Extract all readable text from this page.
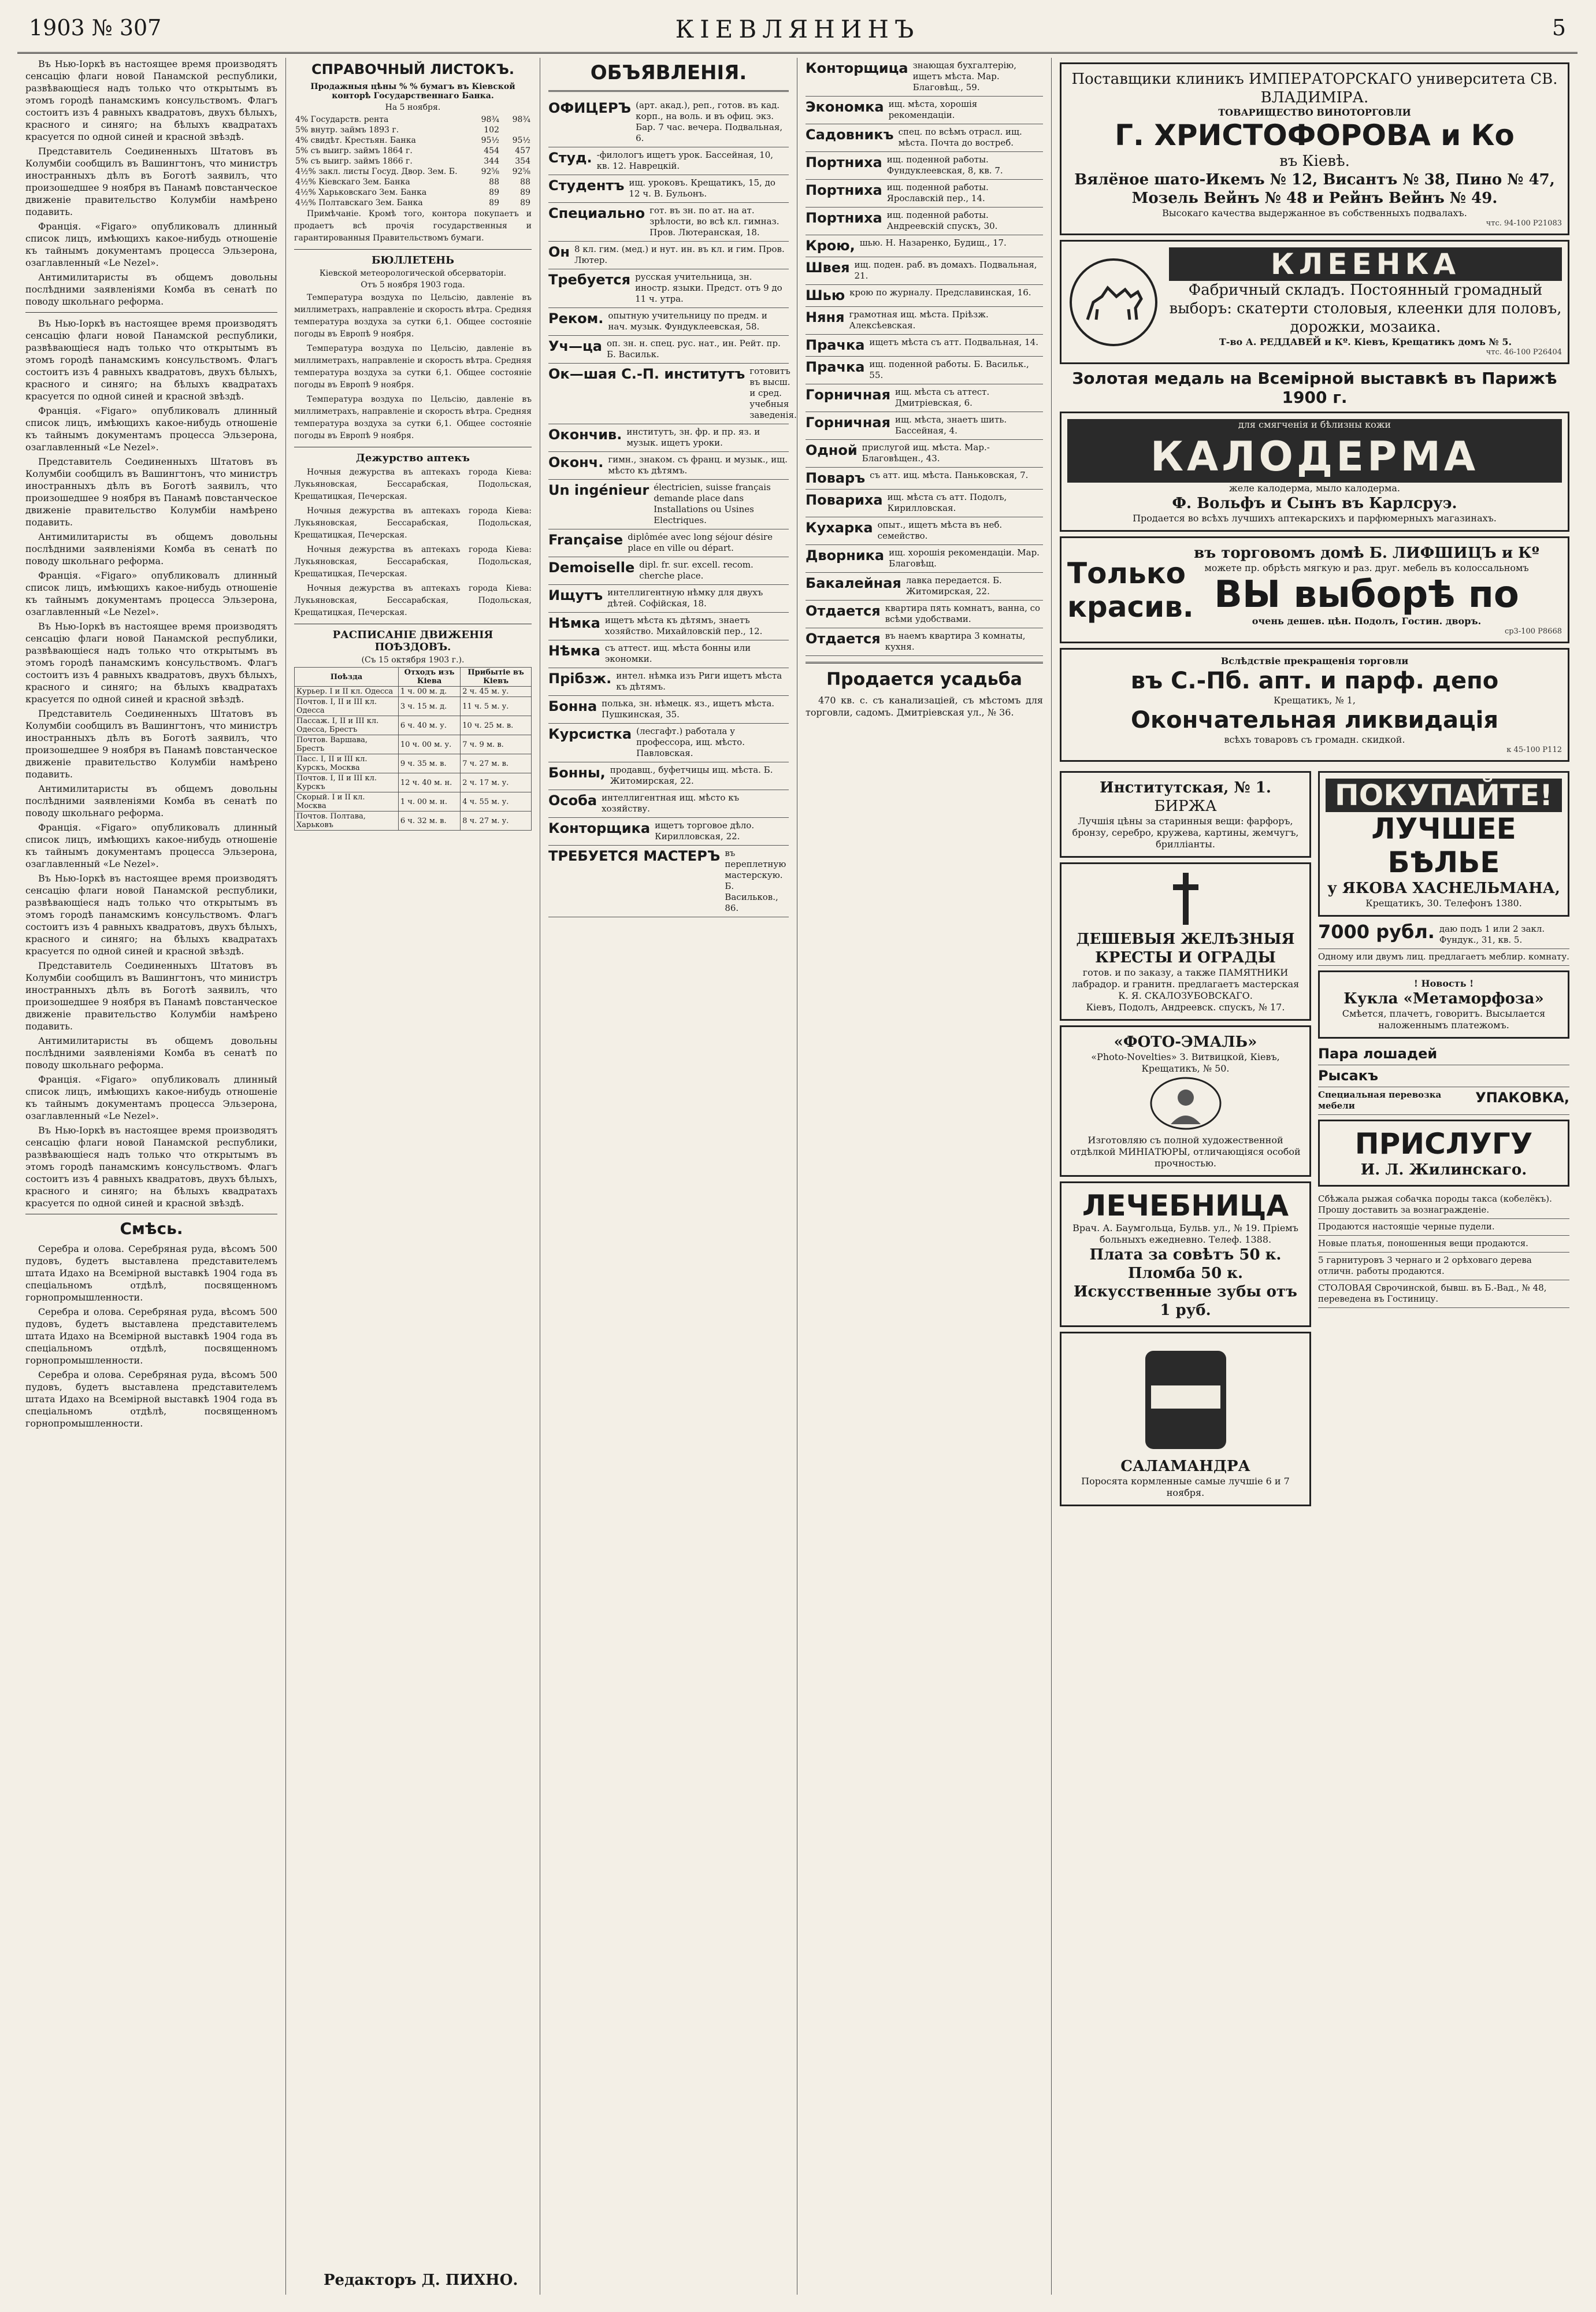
1903 № 307	КІЕВЛЯНИНЪ	5

Въ Нью-Іоркѣ въ настоящее время производятъ сенсацію флаги новой Панамской республики, развѣвающіеся надъ только что открытымъ въ этомъ городѣ панамскимъ консульствомъ. Флагъ состоитъ изъ 4 равныхъ квадратовъ, двухъ бѣлыхъ, красного и синяго; на бѣлыхъ квадратахъ красуется по одной синей и красной звѣздѣ.

Представитель Соединенныхъ Штатовъ въ Колумбіи сообщилъ въ Вашингтонъ, что министръ иностранныхъ дѣлъ въ Боготѣ заявилъ, что произошедшее 9 ноября въ Панамѣ повстанческое движеніе правительство Колумбіи намѣрено подавить.

Франція. «Figaro» опубликовалъ длинный список лицъ, имѣющихъ какое-нибудь отношеніе къ тайнымъ документамъ процесса Эльзерона, озаглавленный «Le Nezel».

Антимилитаристы въ общемъ довольны послѣдними заявленіями Комба въ сенатѣ по поводу школьнаго реформа.

Въ Нью-Іоркѣ въ настоящее время производятъ сенсацію флаги новой Панамской республики, развѣвающіеся надъ только что открытымъ въ этомъ городѣ панамскимъ консульствомъ. Флагъ состоитъ изъ 4 равныхъ квадратовъ, двухъ бѣлыхъ, красного и синяго; на бѣлыхъ квадратахъ красуется по одной синей и красной звѣздѣ.

Франція. «Figaro» опубликовалъ длинный список лицъ, имѣющихъ какое-нибудь отношеніе къ тайнымъ документамъ процесса Эльзерона, озаглавленный «Le Nezel».

Представитель Соединенныхъ Штатовъ въ Колумбіи сообщилъ въ Вашингтонъ, что министръ иностранныхъ дѣлъ въ Боготѣ заявилъ, что произошедшее 9 ноября въ Панамѣ повстанческое движеніе правительство Колумбіи намѣрено подавить.

Антимилитаристы въ общемъ довольны послѣдними заявленіями Комба въ сенатѣ по поводу школьнаго реформа.

Франція. «Figaro» опубликовалъ длинный список лицъ, имѣющихъ какое-нибудь отношеніе къ тайнымъ документамъ процесса Эльзерона, озаглавленный «Le Nezel».

Въ Нью-Іоркѣ въ настоящее время производятъ сенсацію флаги новой Панамской республики, развѣвающіеся надъ только что открытымъ въ этомъ городѣ панамскимъ консульствомъ. Флагъ состоитъ изъ 4 равныхъ квадратовъ, двухъ бѣлыхъ, красного и синяго; на бѣлыхъ квадратахъ красуется по одной синей и красной звѣздѣ.

Представитель Соединенныхъ Штатовъ въ Колумбіи сообщилъ въ Вашингтонъ, что министръ иностранныхъ дѣлъ въ Боготѣ заявилъ, что произошедшее 9 ноября въ Панамѣ повстанческое движеніе правительство Колумбіи намѣрено подавить.

Антимилитаристы въ общемъ довольны послѣдними заявленіями Комба въ сенатѣ по поводу школьнаго реформа.

Франція. «Figaro» опубликовалъ длинный список лицъ, имѣющихъ какое-нибудь отношеніе къ тайнымъ документамъ процесса Эльзерона, озаглавленный «Le Nezel».

Въ Нью-Іоркѣ въ настоящее время производятъ сенсацію флаги новой Панамской республики, развѣвающіеся надъ только что открытымъ въ этомъ городѣ панамскимъ консульствомъ. Флагъ состоитъ изъ 4 равныхъ квадратовъ, двухъ бѣлыхъ, красного и синяго; на бѣлыхъ квадратахъ красуется по одной синей и красной звѣздѣ.

Представитель Соединенныхъ Штатовъ въ Колумбіи сообщилъ въ Вашингтонъ, что министръ иностранныхъ дѣлъ въ Боготѣ заявилъ, что произошедшее 9 ноября въ Панамѣ повстанческое движеніе правительство Колумбіи намѣрено подавить.

Антимилитаристы въ общемъ довольны послѣдними заявленіями Комба въ сенатѣ по поводу школьнаго реформа.

Франція. «Figaro» опубликовалъ длинный список лицъ, имѣющихъ какое-нибудь отношеніе къ тайнымъ документамъ процесса Эльзерона, озаглавленный «Le Nezel».

Въ Нью-Іоркѣ въ настоящее время производятъ сенсацію флаги новой Панамской республики, развѣвающіеся надъ только что открытымъ въ этомъ городѣ панамскимъ консульствомъ. Флагъ состоитъ изъ 4 равныхъ квадратовъ, двухъ бѣлыхъ, красного и синяго; на бѣлыхъ квадратахъ красуется по одной синей и красной звѣздѣ.

Смѣсь.

Серебра и олова. Серебряная руда, вѣсомъ 500 пудовъ, будетъ выставлена представителемъ штата Идахо на Всемірной выставкѣ 1904 года въ спеціальномъ отдѣлѣ, посвященномъ горнопромышленности.

Серебра и олова. Серебряная руда, вѣсомъ 500 пудовъ, будетъ выставлена представителемъ штата Идахо на Всемірной выставкѣ 1904 года въ спеціальномъ отдѣлѣ, посвященномъ горнопромышленности.

Серебра и олова. Серебряная руда, вѣсомъ 500 пудовъ, будетъ выставлена представителемъ штата Идахо на Всемірной выставкѣ 1904 года въ спеціальномъ отдѣлѣ, посвященномъ горнопромышленности.

СПРАВОЧНЫЙ ЛИСТОКЪ.
Продажныя цѣны % % бумагъ въ Кіевской конторѣ Государственнаго Банка.
На 5 ноября.
4% Государств. рента	98¾	98¾
5% внутр. займъ 1893 г.	102	
4% свидѣт. Крестьян. Банка	95½	95½
5% съ выигр. займъ 1864 г.	454	457
5% съ выигр. займъ 1866 г.	344	354
4½% закл. листы Госуд. Двор. Зем. Б.	92⅝	92⅝
4½% Кіевскаго Зем. Банка	88	88
4½% Харьковскаго Зем. Банка	89	89
4½% Полтавскаго Зем. Банка	89	89

Примѣчаніе. Кромѣ того, контора покупаетъ и продаетъ всѣ прочія государственныя и гарантированныя Правительствомъ бумаги.

БЮЛЛЕТЕНЬ
Кіевской метеорологической обсерваторіи.
Отъ 5 ноября 1903 года.

Температура воздуха по Цельсію, давленіе въ миллиметрахъ, направленіе и скорость вѣтра. Средняя температура воздуха за сутки 6,1. Общее состояніе погоды въ Европѣ 9 ноября.

Температура воздуха по Цельсію, давленіе въ миллиметрахъ, направленіе и скорость вѣтра. Средняя температура воздуха за сутки 6,1. Общее состояніе погоды въ Европѣ 9 ноября.

Температура воздуха по Цельсію, давленіе въ миллиметрахъ, направленіе и скорость вѣтра. Средняя температура воздуха за сутки 6,1. Общее состояніе погоды въ Европѣ 9 ноября.

Дежурство аптекъ

Ночныя дежурства въ аптекахъ города Кіева: Лукьяновская, Бессарабская, Подольская, Крещатицкая, Печерская.

Ночныя дежурства въ аптекахъ города Кіева: Лукьяновская, Бессарабская, Подольская, Крещатицкая, Печерская.

Ночныя дежурства въ аптекахъ города Кіева: Лукьяновская, Бессарабская, Подольская, Крещатицкая, Печерская.

Ночныя дежурства въ аптекахъ города Кіева: Лукьяновская, Бессарабская, Подольская, Крещатицкая, Печерская.

РАСПИСАНІЕ ДВИЖЕНІЯ ПОѢЗДОВЪ.
(Съ 15 октября 1903 г.).
Поѣзда	Отходъ изъ Кіева	Прибытіе въ Кіевъ
Курьер. I и II кл. Одесса	1 ч. 00 м. д.	2 ч. 45 м. у.
Почтов. I, II и III кл. Одесса	3 ч. 15 м. д.	11 ч. 5 м. у.
Пассаж. I, II и III кл. Одесса, Брестъ	6 ч. 40 м. у.	10 ч. 25 м. в.
Почтов. Варшава, Брестъ	10 ч. 00 м. у.	7 ч. 9 м. в.
Пасс. I, II и III кл. Курскъ, Москва	9 ч. 35 м. в.	7 ч. 27 м. в.
Почтов. I, II и III кл. Курскъ	12 ч. 40 м. н.	2 ч. 17 м. у.
Скорый. I и II кл. Москва	1 ч. 00 м. н.	4 ч. 55 м. у.
Почтов. Полтава, Харьковъ	6 ч. 32 м. в.	8 ч. 27 м. у.
Редакторъ Д. ПИХНО.
ОБЪЯВЛЕНІЯ.
ОФИЦЕРЪ (арт. акад.), реп., готов. въ кад. корп., на воль. и въ офиц. экз. Бар. 7 час. вечера. Подвальная, 6.
Студ. -филологъ ищетъ урок. Бассейная, 10, кв. 12. Наврецкій.
Студентъ ищ. уроковъ. Крещатикъ, 15, до 12 ч. В. Бульонъ.
Специально гот. въ зн. по ат. на ат. зрѣлости, во всѣ кл. гимназ. Пров. Лютеранская, 18.
Он 8 кл. гим. (мед.) и нут. ин. въ кл. и гим. Пров. Лютер.
Требуется русская учительница, зн. иностр. языки. Предст. отъ 9 до 11 ч. утра.
Реком. опытную учительницу по предм. и нач. музык. Фундуклеевская, 58.
Уч—ца оп. зн. н. спец. рус. нат., ин. Рейт. пр. Б. Васильк.
Ок—шая С.-П. институтъ готовитъ въ высш. и сред. учебныя заведенія.
Окончив. институтъ, зн. фр. и пр. яз. и музык. ищетъ уроки.
Оконч. гимн., знаком. съ франц. и музык., ищ. мѣсто къ дѣтямъ.
Un ingénieur électricien, suisse français demande place dans Installations ou Usines Electriques.
Française diplômée avec long séjour désire place en ville ou départ.
Demoiselle dipl. fr. sur. excell. recom. cherche place.
Ищутъ интеллигентную нѣмку для двухъ дѣтей. Софійская, 18.
Нѣмка ищетъ мѣста къ дѣтямъ, знаетъ хозяйство. Михайловскій пер., 12.
Нѣмка съ аттест. ищ. мѣста бонны или экономки.
Прібзж. интел. нѣмка изъ Риги ищетъ мѣста къ дѣтямъ.
Бонна полька, зн. нѣмецк. яз., ищетъ мѣста. Пушкинская, 35.
Курсистка (лесгафт.) работала у профессора, ищ. мѣсто. Павловская.
Бонны, продавщ., буфетчицы ищ. мѣста. Б. Житомирская, 22.
Особа интеллигентная ищ. мѣсто къ хозяйству.
Конторщика ищетъ торговое дѣло. Кирилловская, 22.
ТРЕБУЕТСЯ МАСТЕРЪ въ переплетную мастерскую. Б. Васильков., 86.
Конторщица знающая бухгалтерію, ищетъ мѣста. Мар. Благовѣщ., 59.
Экономка ищ. мѣста, хорошія рекомендаціи.
Садовникъ спец. по всѣмъ отрасл. ищ. мѣста. Почта до востреб.
Портниха ищ. поденной работы. Фундуклеевская, 8, кв. 7.
Портниха ищ. поденной работы. Ярославскій пер., 14.
Портниха ищ. поденной работы. Андреевскій спускъ, 30.
Крою, шью. Н. Назаренко, Будищ., 17.
Швея ищ. поден. раб. въ домахъ. Подвальная, 21.
Шью крою по журналу. Предславинская, 16.
Няня грамотная ищ. мѣста. Пріѣзж. Алексѣевская.
Прачка ищетъ мѣста съ атт. Подвальная, 14.
Прачка ищ. поденной работы. Б. Васильк., 55.
Горничная ищ. мѣста съ аттест. Дмитріевская, 6.
Горничная ищ. мѣста, знаетъ шить. Бассейная, 4.
Одной прислугой ищ. мѣста. Мар.-Благовѣщен., 43.
Поваръ съ атт. ищ. мѣста. Паньковская, 7.
Повариха ищ. мѣста съ атт. Подолъ, Кирилловская.
Кухарка опыт., ищетъ мѣста въ неб. семейство.
Дворника ищ. хорошія рекомендаціи. Мар. Благовѣщ.
Бакалейная лавка передается. Б. Житомирская, 22.
Отдается квартира пять комнатъ, ванна, со всѣми удобствами.
Отдается въ наемъ квартира 3 комнаты, кухня.
Продается усадьба

470 кв. с. съ канализаціей, съ мѣстомъ для торговли, садомъ. Дмитріевская ул., № 36.

Поставщики клиникъ ИМПЕРАТОРСКАГО университета СВ. ВЛАДИМІРА.
ТОВАРИЩЕСТВО ВИНОТОРГОВЛИ
Г. ХРИСТОФОРОВА и Ко
въ Кіевѣ.
Вялёное шато-Икемъ № 12, Висантъ № 38, Пино № 47, Мозель Вейнъ № 48 и Рейнъ Вейнъ № 49.
Высокаго качества выдержанное въ собственныхъ подвалахъ.
чтс. 94-100 Р21083
КЛЕЕНКА
Фабричный складъ. Постоянный громадный выборъ: скатерти столовыя, клеенки для половъ, дорожки, мозаика.
Т-во А. РЕДДАВЕЙ и Кº. Кіевъ, Крещатикъ домъ № 5.
чтс. 46-100 Р26404
Золотая медаль на Всемірной выставкѣ въ Парижѣ 1900 г.
для смягченія и бѣлизны кожи
КАЛОДЕРМА
желе калодерма, мыло калодерма.
Ф. Вольфъ и Сынъ въ Карлсруэ.
Продается во всѣхъ лучшихъ аптекарскихъ и парфюмерныхъ магазинахъ.
Только
красив.
въ торговомъ домѣ Б. ЛИФШИЦЪ и Кº
можете пр. обрѣсть мягкую и раз. друг. мебель въ колоссальномъ
ВЫ выборѣ по
очень дешев. цѣн. Подолъ, Гостин. дворъ.
ср3-100 Р8668
Вслѣдствіе прекращенія торговли
въ С.-Пб. апт. и парф. депо
Крещатикъ, № 1,
Окончательная ликвидація
всѣхъ товаровъ съ громадн. скидкой.
к 45-100 Р112
Институтская, № 1.
БИРЖА
Лучшія цѣны за старинныя вещи: фарфоръ, бронзу, серебро, кружева, картины, жемчугъ, брилліанты.
ДЕШЕВЫЯ ЖЕЛѢЗНЫЯ КРЕСТЫ И ОГРАДЫ
готов. и по заказу, а также ПАМЯТНИКИ лабрадор. и гранитн. предлагаетъ мастерская К. Я. СКАЛОЗУБОВСКАГО.
Кіевъ, Подолъ, Андреевск. спускъ, № 17.
«ФОТО-ЭМАЛЬ»
«Photo-Novelties» З. Витвицкой, Кіевъ, Крещатикъ, № 50.
Изготовляю съ полной художественной отдѣлкой МИНІАТЮРЫ, отличающіяся особой прочностью.
ЛЕЧЕБНИЦА
Врач. А. Баумгольца, Бульв. ул., № 19. Пріемъ больныхъ ежедневно. Телеф. 1388.
Плата за совѣтъ 50 к. Пломба 50 к. Искусственные зубы отъ 1 руб.
САЛАМАНДРА
Поросята кормленные самые лучшіе 6 и 7 ноября.
ПОКУПАЙТЕ!
ЛУЧШЕЕ
БѢЛЬЕ
у ЯКОВА ХАСНЕЛЬМАНА,
Крещатикъ, 30. Телефонъ 1380.
7000 рубл. даю подъ 1 или 2 закл. Фундук., 31, кв. 5.
Одному или двумъ лиц. предлагаетъ меблир. комнату.
! Новость !
Кукла «Метаморфоза»
Смѣется, плачетъ, говоритъ. Высылается наложеннымъ платежомъ.
Пара лошадей
Рысакъ
Специальная перевозка мебели	УПАКОВКА,
ПРИСЛУГУ
И. Л. Жилинскаго.
Сбѣжала рыжая собачка породы такса (кобелёкъ). Прошу доставить за вознагражденіе.
Продаются настоящіе черные пудели.
Новые платья, поношенныя вещи продаются.
5 гарнитуровъ 3 чернаго и 2 орѣховаго дерева отличн. работы продаются.
СТОЛОВАЯ Сврочинской, бывш. въ Б.-Вад., № 48, переведена въ Гостиницу.
